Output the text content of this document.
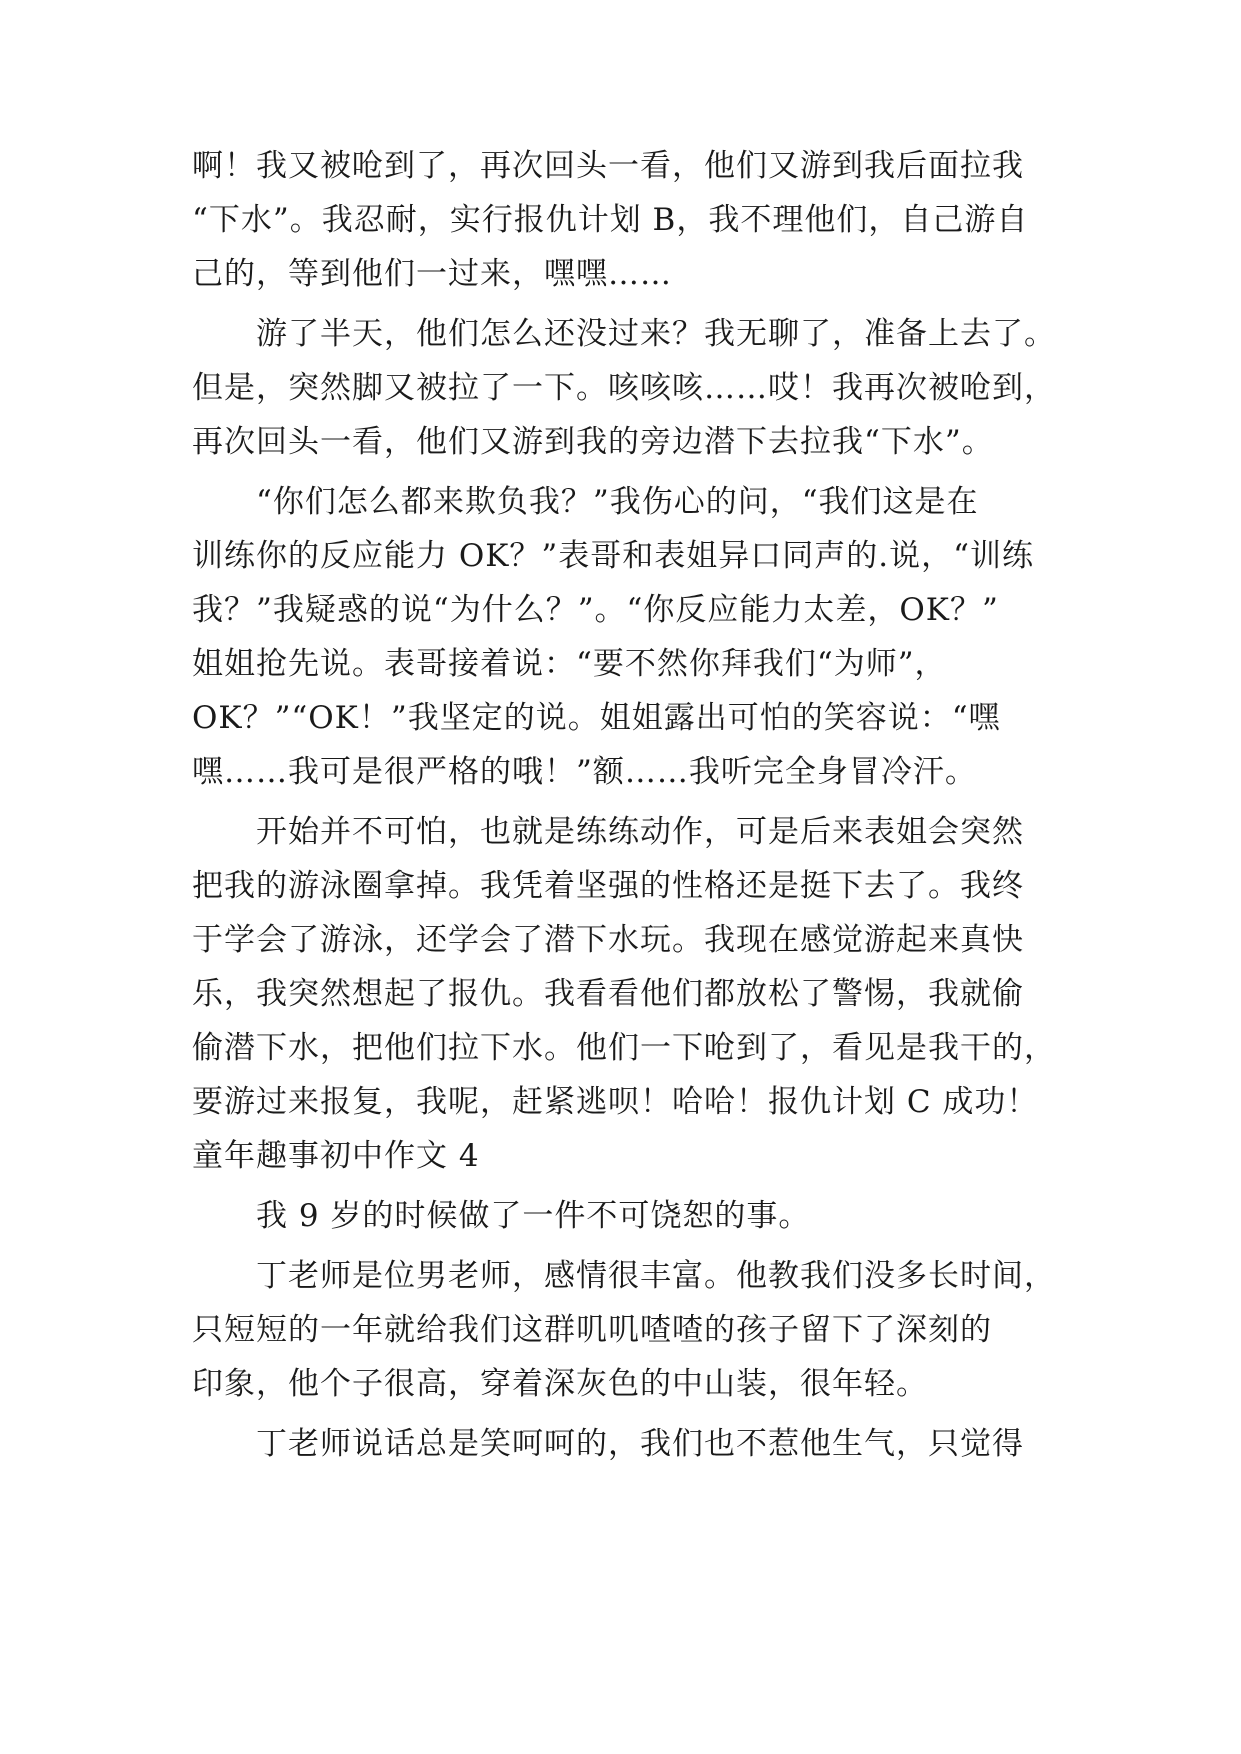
啊！我又被呛到了，再次回头一看，他们又游到我后面拉我

“下水”。我忍耐，实行报仇计划 B，我不理他们，自己游自

己的，等到他们一过来，嘿嘿……

游了半天，他们怎么还没过来？我无聊了，准备上去了。

但是，突然脚又被拉了一下。咳咳咳……哎！我再次被呛到，

再次回头一看，他们又游到我的旁边潜下去拉我“下水”。

“你们怎么都来欺负我？”我伤心的问，“我们这是在

训练你的反应能力 OK？”表哥和表姐异口同声的.说，“训练

我？”我疑惑的说“为什么？”。“你反应能力太差，OK？”

姐姐抢先说。表哥接着说：“要不然你拜我们“为师”，

OK？”“OK！”我坚定的说。姐姐露出可怕的笑容说：“嘿

嘿……我可是很严格的哦！”额……我听完全身冒冷汗。

开始并不可怕，也就是练练动作，可是后来表姐会突然

把我的游泳圈拿掉。我凭着坚强的性格还是挺下去了。我终

于学会了游泳，还学会了潜下水玩。我现在感觉游起来真快

乐，我突然想起了报仇。我看看他们都放松了警惕，我就偷

偷潜下水，把他们拉下水。他们一下呛到了，看见是我干的，

要游过来报复，我呢，赶紧逃呗！哈哈！报仇计划 C 成功！

童年趣事初中作文 4

我 9 岁的时候做了一件不可饶恕的事。

丁老师是位男老师，感情很丰富。他教我们没多长时间，

只短短的一年就给我们这群叽叽喳喳的孩子留下了深刻的

印象，他个子很高，穿着深灰色的中山装，很年轻。

丁老师说话总是笑呵呵的，我们也不惹他生气，只觉得
